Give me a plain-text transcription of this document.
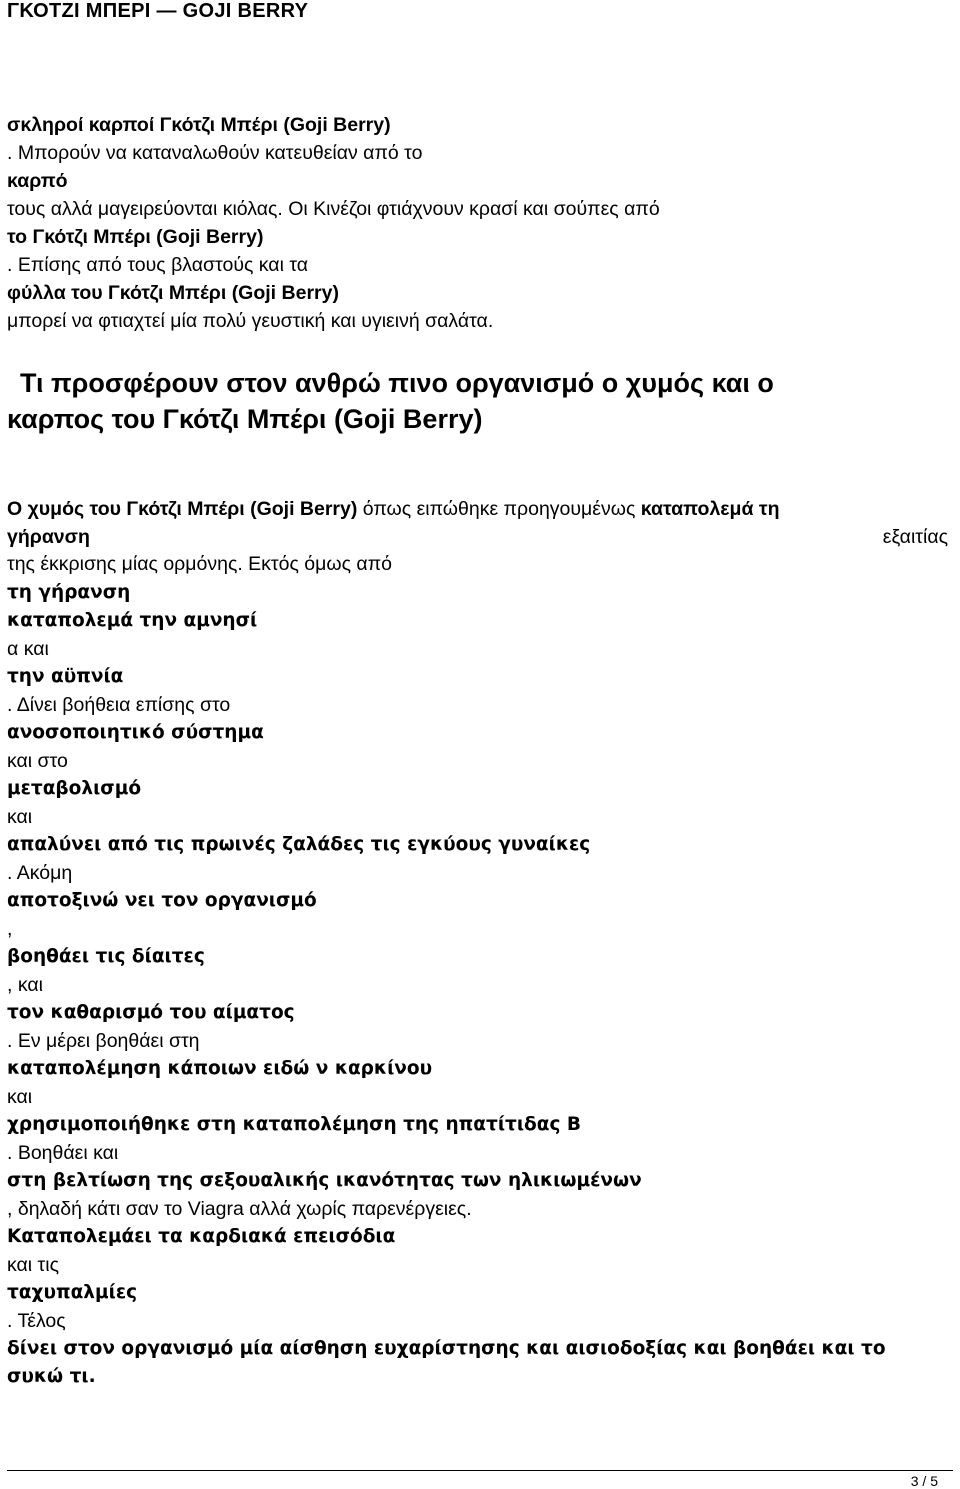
ΓΚΟΤΖΙ ΜΠΕΡΙ — GOJI BERRY
σκληροί καρποί Γκότζι Μπέρι (Goji Berry)
. Μπορούν να καταναλωθούν κατευθείαν από το
καρπό
τους αλλά μαγειρεύονται κιόλας. Οι Κινέζοι φτιάχνουν κρασί και σούπες από
το Γκότζι Μπέρι (Goji Berry)
. Επίσης από τους βλαστούς και τα
φύλλα του Γκότζι Μπέρι (Goji Berry)
μπορεί να φτιαχτεί μία πολύ γευστική και υγιεινή σαλάτα.
Τι προσφέρουν στον ανθρώ πινο οργανισμό ο χυμός και ο
καρπος του Γκότζι Μπέρι (Goji Berry)
Ο χυμός του Γκότζι Μπέρι (Goji Berry) όπως ειπώθηκε προηγουμένως καταπολεμά τη
γήρανση	εξαιτίας
της έκκρισης μίας ορμόνης. Εκτός όμως από
τη γήρανση
καταπολεμά την αμνησί
α και
την αϋπνία
. Δίνει βοήθεια επίσης στο
ανοσοποιητικό σύστημα
και στο
μεταβολισμό
και
απαλύνει από τις πρωινές ζαλάδες τις εγκύους γυναίκες
. Ακόμη
αποτοξινώ νει τον οργανισμό
,
βοηθάει τις δίαιτες
, και
τον καθαρισμό του αίματος
. Εν μέρει βοηθάει στη
καταπολέμηση κάποιων ειδώ ν καρκίνου
και
χρησιμοποιήθηκε στη καταπολέμηση της ηπατίτιδας Β
. Βοηθάει και
στη βελτίωση της σεξουαλικής ικανότητας των ηλικιωμένων
, δηλαδή κάτι σαν το Viagra αλλά χωρίς παρενέργειες.
Καταπολεμάει τα καρδιακά επεισόδια
και τις
ταχυπαλμίες
. Τέλος
δίνει στον οργανισμό μία αίσθηση ευχαρίστησης και αισιοδοξίας και βοηθάει και το
συκώ τι.
3 / 5
